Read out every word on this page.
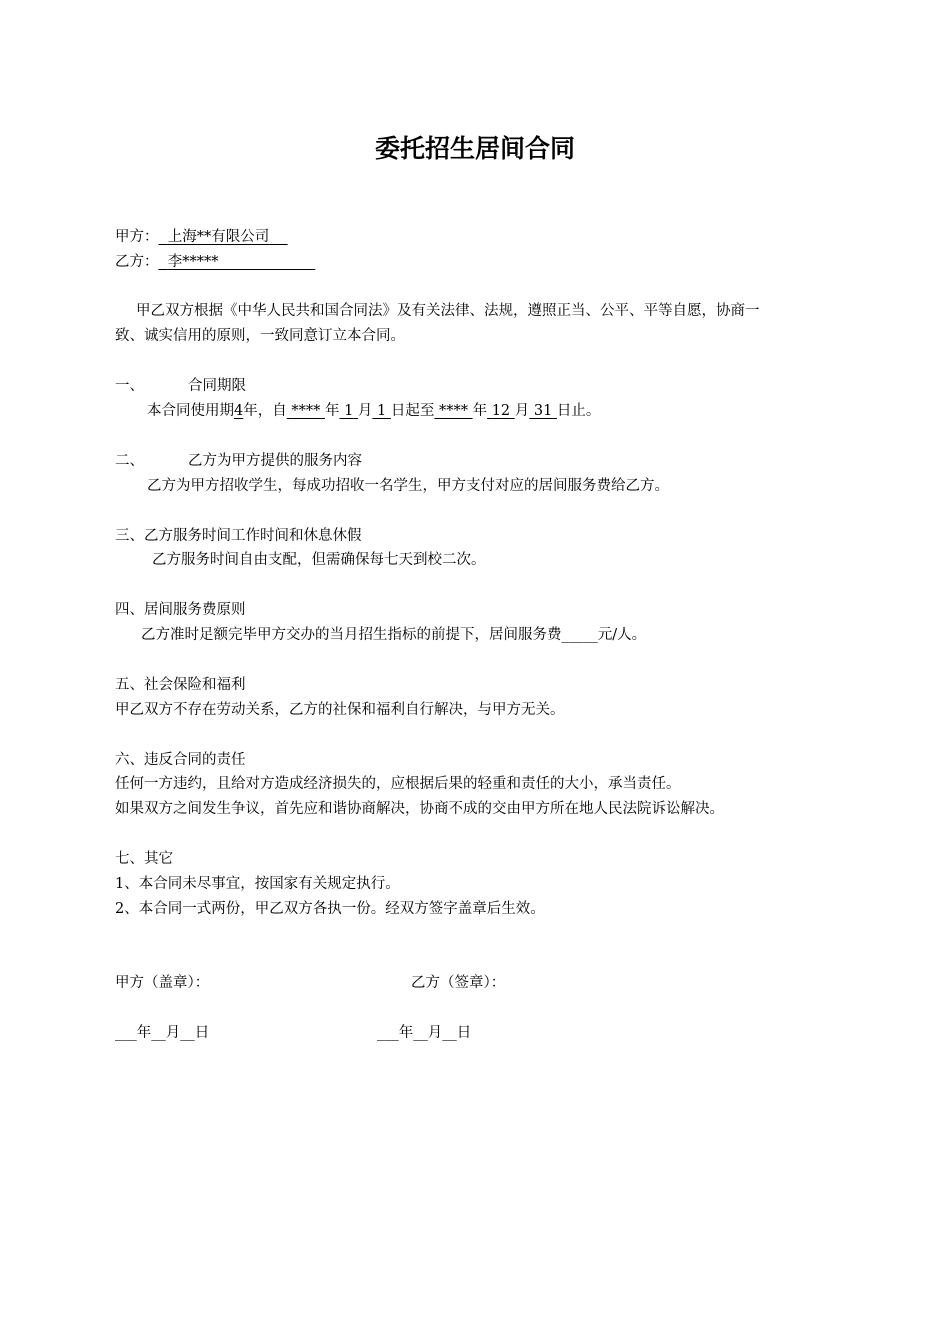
委托招生居间合同
甲方： 上海**有限公司
乙方： 李*****
甲乙双方根据《中华人民共和国合同法》及有关法律、法规，遵照正当、公平、平等自愿，协商一
致、诚实信用的原则，一致同意订立本合同。
一、	合同期限
本合同使用期4年，自 **** 年 1 月 1 日起至 **** 年 12 月 31 日止。
二、	乙方为甲方提供的服务内容
乙方为甲方招收学生，每成功招收一名学生，甲方支付对应的居间服务费给乙方。
三、乙方服务时间工作时间和休息休假
乙方服务时间自由支配，但需确保每七天到校二次。
四、居间服务费原则
乙方准时足额完毕甲方交办的当月招生指标的前提下，居间服务费_____元/人。
五、社会保险和福利
甲乙双方不存在劳动关系，乙方的社保和福利自行解决，与甲方无关。
六、违反合同的责任
任何一方违约，且给对方造成经济损失的，应根据后果的轻重和责任的大小，承当责任。
如果双方之间发生争议，首先应和谐协商解决，协商不成的交由甲方所在地人民法院诉讼解决。
七、其它
1、本合同未尽事宜，按国家有关规定执行。
2、本合同一式两份，甲乙双方各执一份。经双方签字盖章后生效。
甲方（盖章）：	乙方（签章）：
___年__月__日	___年__月__日
